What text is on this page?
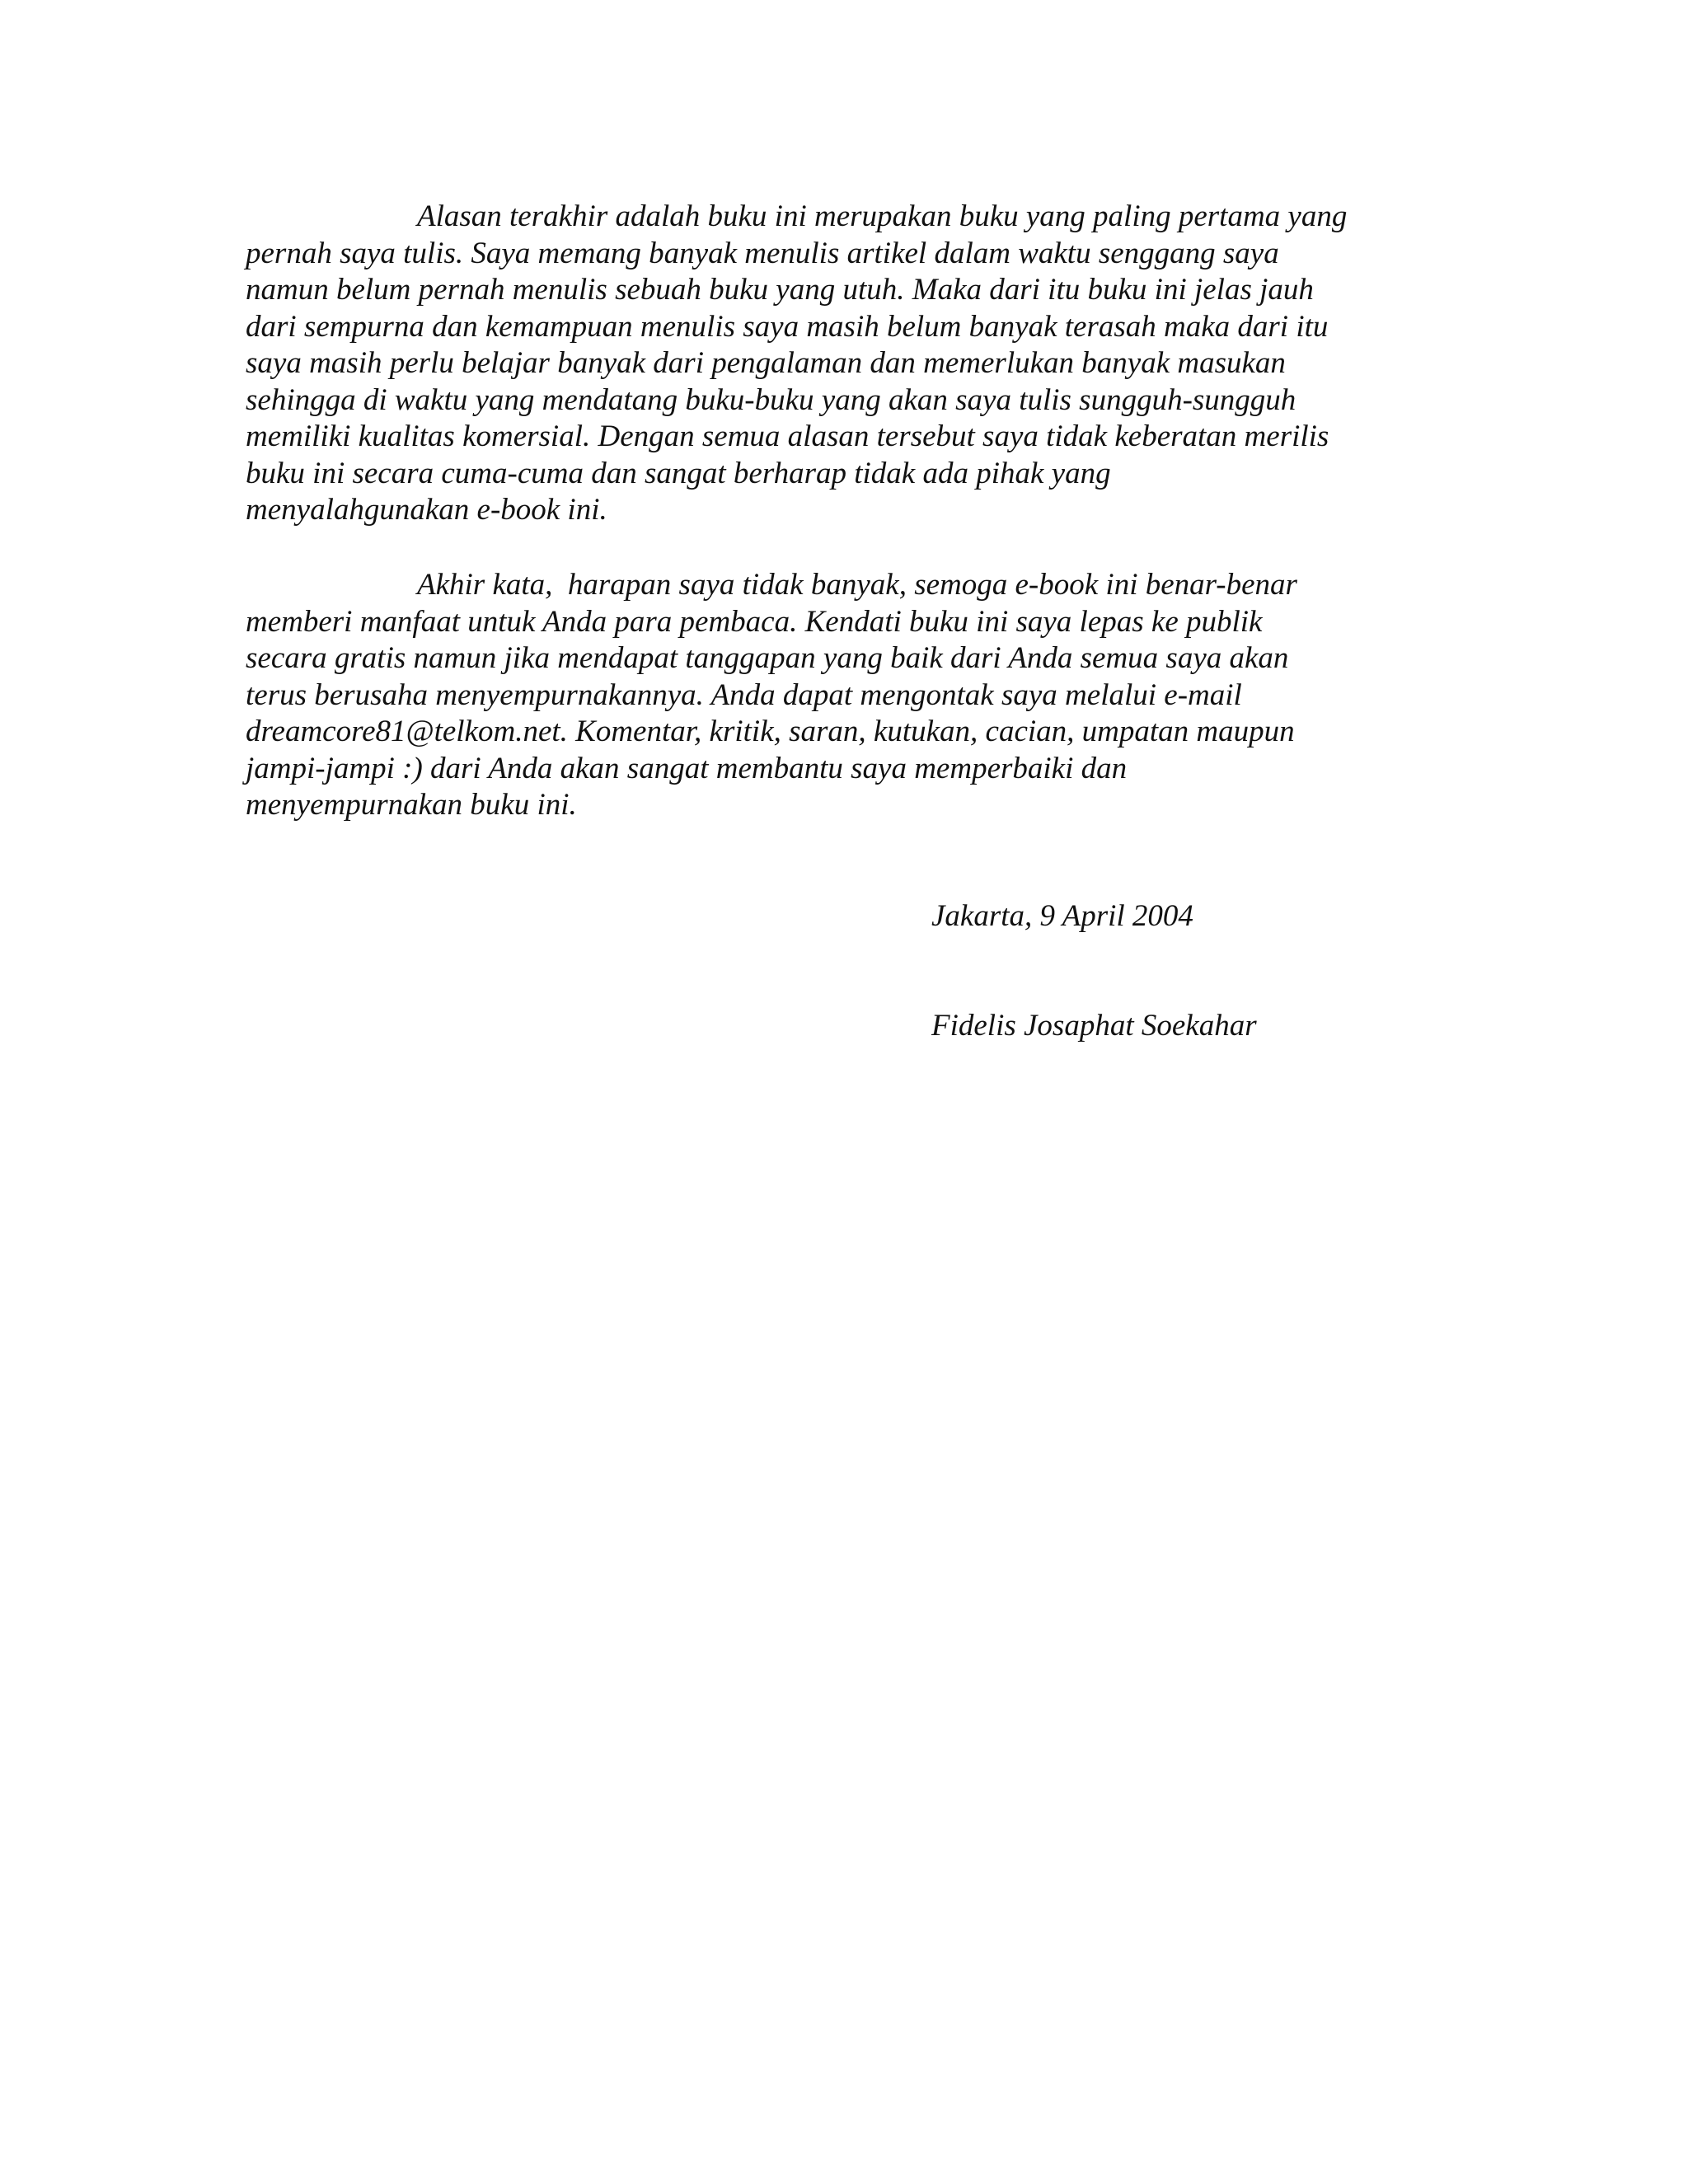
Alasan terakhir adalah buku ini merupakan buku yang paling pertama yang
pernah saya tulis. Saya memang banyak menulis artikel dalam waktu senggang saya
namun belum pernah menulis sebuah buku yang utuh. Maka dari itu buku ini jelas jauh
dari sempurna dan kemampuan menulis saya masih belum banyak terasah maka dari itu
saya masih perlu belajar banyak dari pengalaman dan memerlukan banyak masukan
sehingga di waktu yang mendatang buku-buku yang akan saya tulis sungguh-sungguh
memiliki kualitas komersial. Dengan semua alasan tersebut saya tidak keberatan merilis
buku ini secara cuma-cuma dan sangat berharap tidak ada pihak yang
menyalahgunakan e-book ini.
Akhir kata,  harapan saya tidak banyak, semoga e-book ini benar-benar
memberi manfaat untuk Anda para pembaca. Kendati buku ini saya lepas ke publik
secara gratis namun jika mendapat tanggapan yang baik dari Anda semua saya akan
terus berusaha menyempurnakannya. Anda dapat mengontak saya melalui e-mail
dreamcore81@telkom.net. Komentar, kritik, saran, kutukan, cacian, umpatan maupun
jampi-jampi :) dari Anda akan sangat membantu saya memperbaiki dan
menyempurnakan buku ini.
Jakarta, 9 April 2004
Fidelis Josaphat Soekahar
